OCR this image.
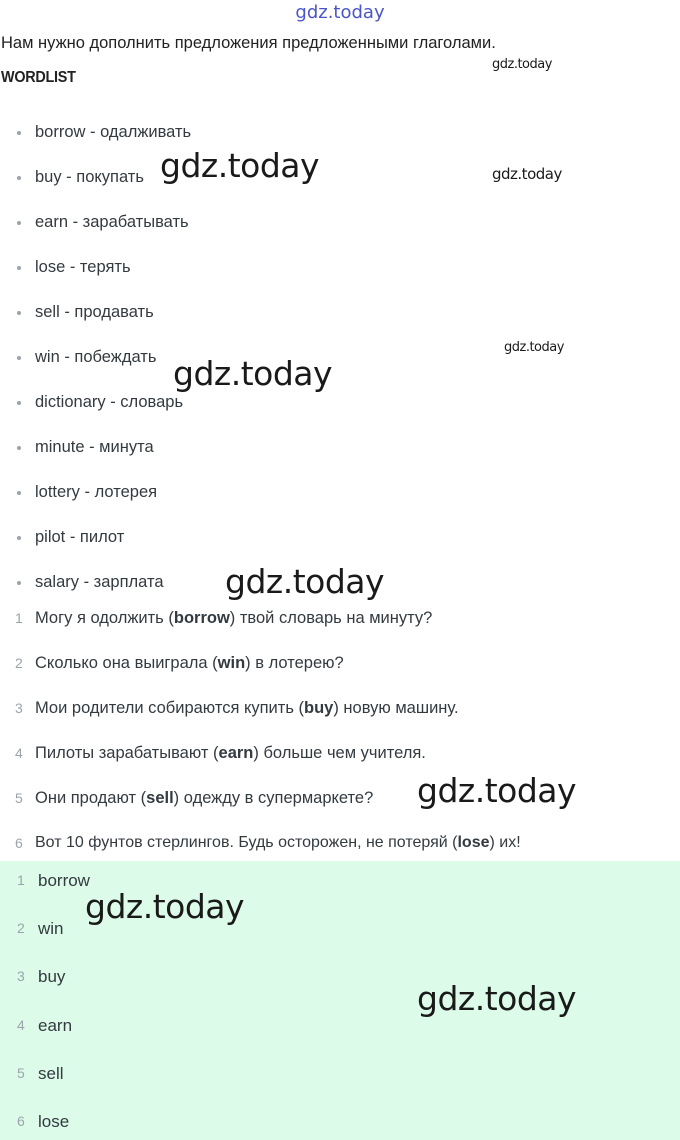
gdz.today
Нам нужно дополнить предложения предложенными глаголами.
WORDLIST
borrow - одалживать
buy - покупать
earn - зарабатывать
lose - терять
sell - продавать
win - побеждать
dictionary - словарь
minute - минута
lottery - лотерея
pilot - пилот
salary - зарплата
1 Могу я одолжить (borrow) твой словарь на минуту?
2 Сколько она выиграла (win) в лотерею?
3 Мои родители собираются купить (buy) новую машину.
4 Пилоты зарабатывают (earn) больше чем учителя.
5 Они продают (sell) одежду в супермаркете?
6 Вот 10 фунтов стерлингов. Будь осторожен, не потеряй (lose) их!
1 borrow
2 win
3 buy
4 earn
5 sell
6 lose
gdz.today
gdz.today	gdz.today
gdz.today
gdz.today
gdz.today
gdz.today
gdz.today
gdz.today
